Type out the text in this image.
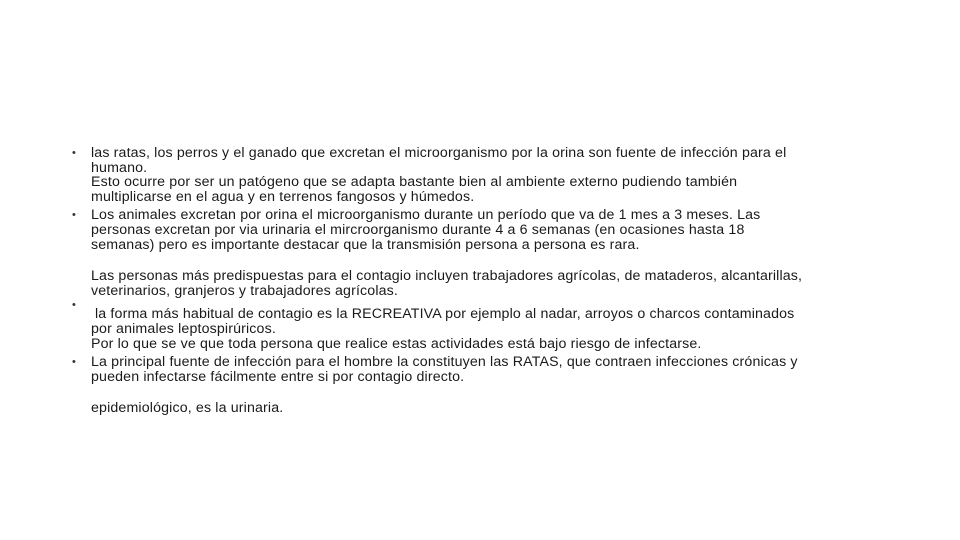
• las ratas, los perros y el ganado que excretan el microorganismo por la orina son fuente de infección para el
humano.
Esto ocurre por ser un patógeno que se adapta bastante bien al ambiente externo pudiendo también
multiplicarse en el agua y en terrenos fangosos y húmedos.
• Los animales excretan por orina el microorganismo durante un período que va de 1 mes a 3 meses. Las
personas excretan por via urinaria el mircroorganismo durante 4 a 6 semanas (en ocasiones hasta 18
semanas) pero es importante destacar que la transmisión persona a persona es rara.
Las personas más predispuestas para el contagio incluyen trabajadores agrícolas, de mataderos, alcantarillas,
veterinarios, granjeros y trabajadores agrícolas.
•
la forma más habitual de contagio es la RECREATIVA por ejemplo al nadar, arroyos o charcos contaminados
por animales leptospirúricos.
Por lo que se ve que toda persona que realice estas actividades está bajo riesgo de infectarse.
• La principal fuente de infección para el hombre la constituyen las RATAS, que contraen infecciones crónicas y
pueden infectarse fácilmente entre si por contagio directo.
epidemiológico, es la urinaria.
